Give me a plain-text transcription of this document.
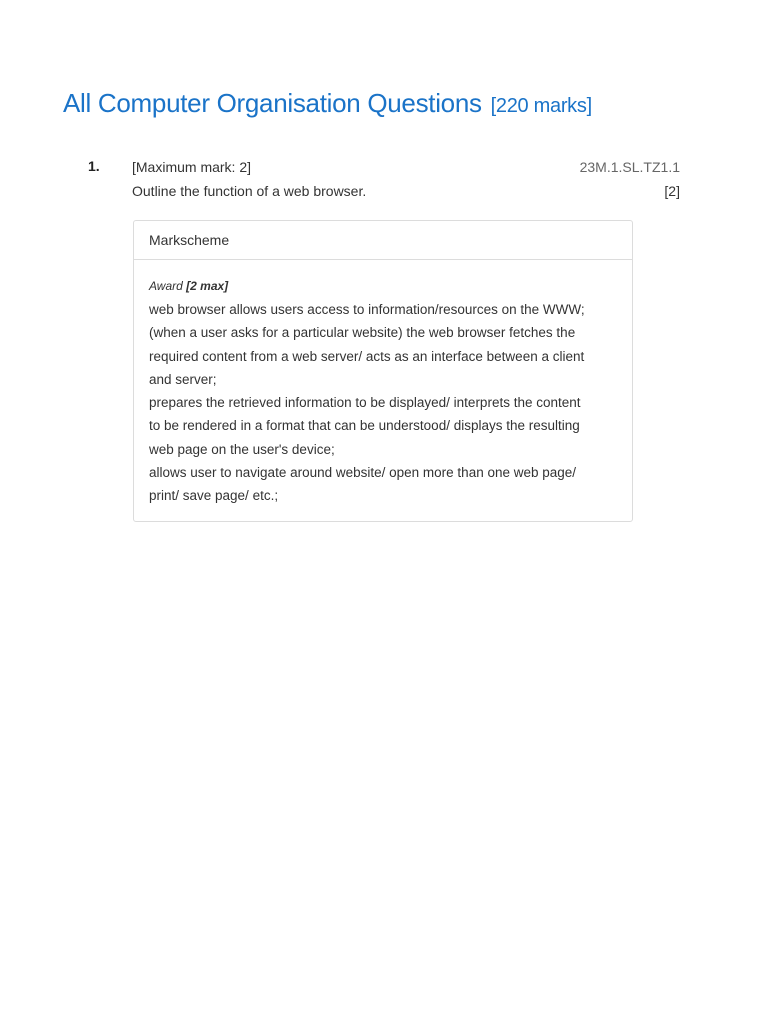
All Computer Organisation Questions [220 marks]
1. [Maximum mark: 2]	23M.1.SL.TZ1.1
Outline the function of a web browser.	[2]
Markscheme
Award [2 max]
web browser allows users access to information/resources on the WWW;
(when a user asks for a particular website) the web browser fetches the
required content from a web server/ acts as an interface between a client
and server;
prepares the retrieved information to be displayed/ interprets the content
to be rendered in a format that can be understood/ displays the resulting
web page on the user's device;
allows user to navigate around website/ open more than one web page/
print/ save page/ etc.;
